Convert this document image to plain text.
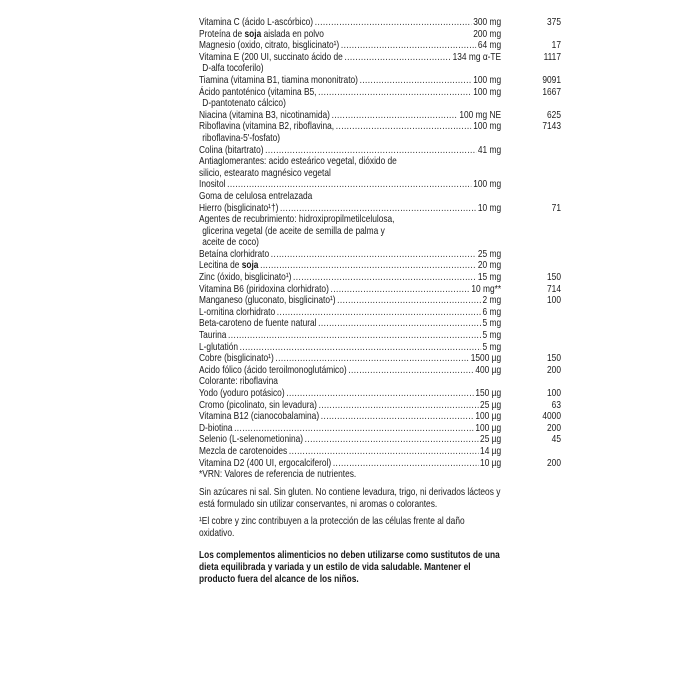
Vitamina C (ácido L-ascórbico) .....	300 mg	375
Proteína de soja aislada en polvo	200 mg
Magnesio (oxido, citrato, bisglicinato¹) .....	64 mg	17
Vitamina E (200 UI, succinato ácido de .....	134 mg α-TE	1117
D-alfa tocoferilo)
Tiamina (vitamina B1, tiamina mononitrato) .....	100 mg	9091
Ácido pantoténico (vitamina B5, .....	100 mg	1667
D-pantotenato cálcico)
Niacina (vitamina B3, nicotinamida) .....	100 mg NE	625
Riboflavina (vitamina B2, riboflavina, .....	100 mg	7143
riboflavina-5'-fosfato)
Colina (bitartrato) .....	41 mg
Antiaglomerantes: acido esteárico vegetal, dióxido de
silicio, estearato magnésico vegetal
Inositol .....	100 mg
Goma de celulosa entrelazada
Hierro (bisglicinato¹†) .....	10 mg	71
Agentes de recubrimiento: hidroxipropilmetilcelulosa,
glicerina vegetal (de aceite de semilla de palma y
aceite de coco)
Betaína clorhidrato .....	25 mg
Lecitina de soja .....	20 mg
Zinc (óxido, bisglicinato¹) .....	15 mg	150
Vitamina B6 (piridoxina clorhidrato) .....	10 mg**	714
Manganeso (gluconato, bisglicinato¹) .....	2 mg	100
L-ornitina clorhidrato .....	6 mg
Beta-caroteno de fuente natural .....	5 mg
Taurina .....	5 mg
L-glutatión .....	5 mg
Cobre (bisglicinato¹) .....	1500 µg	150
Acido fólico (ácido teroilmonoglutámico) .....	400 µg	200
Colorante: riboflavina
Yodo (yoduro potásico) .....	150 µg	100
Cromo (picolinato, sin levadura) .....	25 µg	63
Vitamina B12 (cianocobalamina) .....	100 µg	4000
D-biotina .....	100 µg	200
Selenio (L-selenometionina) .....	25 µg	45
Mezcla de carotenoides .....	14 µg
Vitamina D2 (400 UI, ergocalciferol) .....	10 µg	200
*VRN: Valores de referencia de nutrientes.

Sin azúcares ni sal. Sin gluten. No contiene levadura, trigo, ni derivados lácteos y está formulado sin utilizar conservantes, ni aromas o colorantes.

¹El cobre y zinc contribuyen a la protección de las células frente al daño oxidativo.

Los complementos alimenticios no deben utilizarse como sustitutos de una dieta equilibrada y variada y un estilo de vida saludable. Mantener el producto fuera del alcance de los niños.
